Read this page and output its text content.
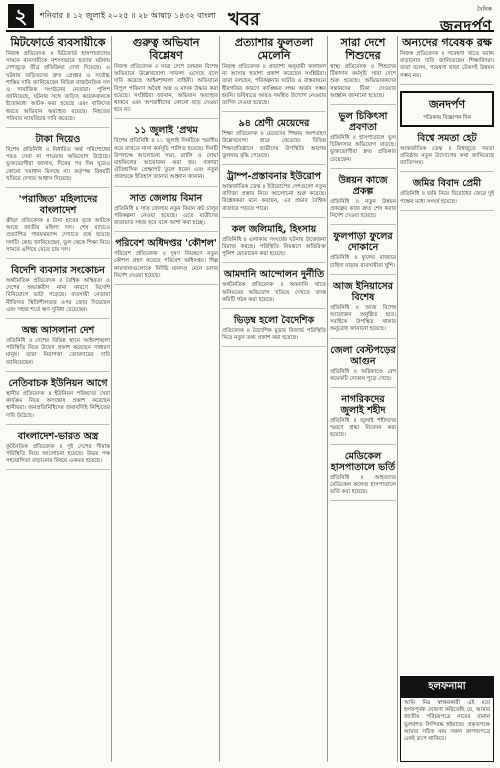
২	শনিবার ॥ ১২ জুলাই ২০২৫ ॥ ২৮ আষাঢ় ১৪৩২ বাংলা খবর	দৈনিক
জনদর্পণ
মিটফোর্ডে ব্যবসায়ীকে
নিজস্ব প্রতিবেদক ॥ মিটফোর্ড হাসপাতালের সামনে ব্যবসায়ীকে নৃশংসভাবে হত্যার ঘটনায় দেশজুড়ে তীব্র প্রতিক্রিয়া দেখা দিয়েছে। এ ঘটনায় জড়িতদের দ্রুত গ্রেপ্তার ও সর্বোচ্চ শাস্তির দাবি জানিয়েছেন বিভিন্ন রাজনৈতিক দল ও সামাজিক সংগঠনের নেতারা। পুলিশ জানিয়েছে, ঘটনার সঙ্গে জড়িত কয়েকজনকে ইতোমধ্যে আটক করা হয়েছে এবং বাকিদের ধরতে অভিযান অব্যাহত রয়েছে। নিহতের পরিবার ন্যায়বিচার দাবি করেছে।
টাকা দিয়েও
বিশেষ প্রতিনিধি ॥ নির্ধারিত অর্থ পরিশোধের পরও সেবা না পাওয়ার অভিযোগ উঠেছে। ভুক্তভোগীরা জানান, দিনের পর দিন ঘুরেও কোনো সমাধান মিলছে না। কর্তৃপক্ষ বিষয়টি খতিয়ে দেখার আশ্বাস দিয়েছে।
'পরাজিত' মহিলাদের বাংলাদেশ
ক্রীড়া প্রতিবেদক ॥ টানা হারের বৃত্তে আটকে আছে জাতীয় মহিলা দল। শেষ ম্যাচেও প্রত্যাশিত পারফরম্যান্স দেখাতে ব্যর্থ হয়েছে দলটি। কোচ জানিয়েছেন, ভুল থেকে শিক্ষা নিয়ে সামনে এগিয়ে যেতে চায় দল।
বিদেশি ব্যবসার সংকোচন
অর্থনৈতিক প্রতিবেদক ॥ বৈশ্বিক অস্থিরতা ও দেশের অভ্যন্তরীণ নানা কারণে বিদেশি বিনিয়োগে ভাটা পড়েছে। ব্যবসায়ী নেতারা নীতিগত স্থিতিশীলতার ওপর জোর দিয়েছেন এবং সহজ শর্তে ঋণ সুবিধা চেয়েছেন।
অন্ধ আসলানা দেশ
প্রতিনিধি ॥ দেশের বিভিন্ন স্থানে আইনশৃঙ্খলা পরিস্থিতি নিয়ে উদ্বেগ প্রকাশ করেছেন সাধারণ মানুষ। তারা নিরাপত্তা জোরদারের দাবি জানিয়েছেন।
নেতিবাচক ইউনিয়ন আগে
স্থানীয় প্রতিবেদক ॥ ইউনিয়ন পরিষদের সেবা কার্যক্রম নিয়ে অসন্তোষ প্রকাশ করেছেন স্থানীয়রা। জনপ্রতিনিধিদের জবাবদিহি নিশ্চিতের দাবি উঠেছে।
বাংলাদেশ-ভারত অস্ত্র
কূটনৈতিক প্রতিবেদক ॥ দুই দেশের সীমান্ত পরিস্থিতি নিয়ে আলোচনা হয়েছে। উভয় পক্ষ সহযোগিতা বাড়ানোর বিষয়ে একমত হয়েছে।
গুরুত্ব অভিযান বিশ্লেষণ
নিজস্ব প্রতিবেদক ॥ সারা দেশে চলমান বিশেষ অভিযানে উল্লেখযোগ্য সাফল্য এসেছে বলে দাবি করেছে আইনশৃঙ্খলা বাহিনী। অভিযানে বিপুল পরিমাণ অবৈধ অস্ত্র ও মাদক উদ্ধার করা হয়েছে। সংশ্লিষ্টরা জানান, অভিযান অব্যাহত থাকবে এবং অপরাধীদের কোনো ছাড় দেওয়া হবে না।
১১ জুলাই 'প্রথম
বিশেষ প্রতিনিধি ॥ ১১ জুলাই দিনটিকে স্মরণীয় করে রাখতে নানা কর্মসূচি পালিত হয়েছে। দিনটি উপলক্ষে আলোচনা সভা, র‍্যালি ও দোয়া মাহফিলের আয়োজন করা হয়। বক্তারা ঐতিহাসিক প্রেক্ষাপট তুলে ধরেন এবং নতুন প্রজন্মকে ইতিহাস জানার আহ্বান জানান।
সাত জেলায় বিমান
প্রতিনিধি ॥ সাত জেলায় নতুন বিমান রুট চালুর পরিকল্পনা নেওয়া হয়েছে। এতে যাত্রীদের যাতায়াত সহজ হবে বলে আশা করা হচ্ছে।
পরিবেশ অধিদপ্তর 'কৌশল'
পরিবেশ প্রতিবেদক ॥ দূষণ নিয়ন্ত্রণে নতুন কৌশল গ্রহণ করেছে পরিবেশ অধিদপ্তর। শিল্প কারখানাগুলোকে নির্দিষ্ট মানদণ্ড মেনে চলার নির্দেশ দেওয়া হয়েছে।
প্রত্যাশার ফুলতলা মেলেনি
নিজস্ব প্রতিবেদক ॥ প্রত্যাশা অনুযায়ী ফলাফল না আসায় হতাশা প্রকাশ করেছেন সংশ্লিষ্টরা। তারা বলছেন, পরিকল্পনার ঘাটতি ও বাস্তবায়নে ধীরগতির কারণে কাঙ্ক্ষিত লক্ষ্য অর্জন সম্ভব হয়নি। ভবিষ্যতে আরও সমন্বিত উদ্যোগ নেওয়ার তাগিদ দেওয়া হয়েছে।
৯৪ শ্রেণী মেয়েদের
শিক্ষা প্রতিবেদক ॥ মেয়েদের শিক্ষায় অংশগ্রহণ উল্লেখযোগ্য হারে বেড়েছে। বিভিন্ন শিক্ষাপ্রতিষ্ঠানে ছাত্রীদের উপস্থিতি আগের তুলনায় বৃদ্ধি পেয়েছে।
ট্রাম্প-প্রস্তাবনার ইউরোপ
আন্তর্জাতিক ডেস্ক ॥ ইউরোপের দেশগুলো নতুন বাণিজ্য প্রস্তাব নিয়ে আলোচনা শুরু করেছে। বিশ্লেষকরা মনে করছেন, এর প্রভাব বৈশ্বিক বাজারে পড়তে পারে।
কল জলিমাহি, হিংসায়
প্রতিনিধি ॥ এলাকায় সংঘর্ষের ঘটনায় উত্তেজনা বিরাজ করছে। পরিস্থিতি নিয়ন্ত্রণে অতিরিক্ত পুলিশ মোতায়েন করা হয়েছে।
আমদানি আন্দোলন দুর্নীতি
অর্থনৈতিক প্রতিবেদক ॥ আমদানি খাতে অনিয়মের অভিযোগ খতিয়ে দেখতে তদন্ত কমিটি গঠন করা হয়েছে।
ভিড়ম্ব হলো বৈদেশিক
প্রতিবেদক ॥ বৈদেশিক মুদ্রার রিজার্ভ পরিস্থিতি নিয়ে নতুন তথ্য প্রকাশ করা হয়েছে।
সারা দেশে শিশুদের
স্বাস্থ্য প্রতিবেদক ॥ শিশুদের টিকাদান কর্মসূচি সারা দেশে শুরু হয়েছে। অভিভাবকদের সন্তানদের টিকা দেওয়ার আহ্বান জানানো হয়েছে।
ভুল চিকিৎসা প্রবণতা
প্রতিনিধি ॥ হাসপাতালে ভুল চিকিৎসার অভিযোগ বাড়ছে। ভুক্তভোগীরা দ্রুত প্রতিকার চেয়েছেন।
উন্নয়ন কাজে প্রকল্প
প্রতিনিধি ॥ নতুন উন্নয়ন প্রকল্পের কাজ দ্রুত শেষ করার নির্দেশ দেওয়া হয়েছে।
ফুলপাড়া ফুলের দোকানে
প্রতিনিধি ॥ ফুলের বাজারে চাহিদা বাড়ায় ব্যবসায়ীরা খুশি।
আজ ইনিয়াসের বিশেষ
প্রতিনিধি ॥ আজ বিশেষ আয়োজন অনুষ্ঠিত হবে। সবাইকে উপস্থিত থাকার অনুরোধ জানানো হয়েছে।
জেলা বেস্টপড়ের আগুন
প্রতিনিধি ॥ অগ্নিকাণ্ডে বেশ কয়েকটি দোকান পুড়ে গেছে।
নাগরিকদের জুলাই শহীদ
প্রতিনিধি ॥ জুলাই শহীদদের স্মরণে শ্রদ্ধা নিবেদন করা হয়েছে।
মেডিকেল হাসপাতালে ভর্তি
প্রতিনিধি ॥ আহতদের মেডিকেল কলেজ হাসপাতালে ভর্তি করা হয়েছে।
অন্যদের গবেষক রক্ষ
নিজস্ব প্রতিবেদক ॥ গবেষণা খাতে বরাদ্দ বাড়ানোর দাবি জানিয়েছেন শিক্ষাবিদরা। তারা বলেন, গবেষণা ছাড়া টেকসই উন্নয়ন সম্ভব নয়।
জনদর্পণ
পত্রিকায় বিজ্ঞাপন দিন
বিশ্বে সমতা হেট
আন্তর্জাতিক ডেস্ক ॥ বিশ্বজুড়ে সমতা প্রতিষ্ঠায় নতুন উদ্যোগের কথা জানিয়েছে জাতিসংঘ।
জমির বিবাদ প্রেমী
প্রতিনিধি ॥ জমি নিয়ে বিরোধের জেরে দুই পক্ষের মধ্যে সংঘর্ষ হয়েছে।
হলফনামা
আমি নিম্ন স্বাক্ষরকারী এই মর্মে হলফপূর্বক ঘোষণা করিতেছি যে, আমার জাতীয় পরিচয়পত্রে নামের বানান ভুলবশত লিপিবদ্ধ হইয়াছে। প্রকৃতপক্ষে আমার সঠিক নাম সকল কাগজপত্রে একই রূপে থাকিবে।
